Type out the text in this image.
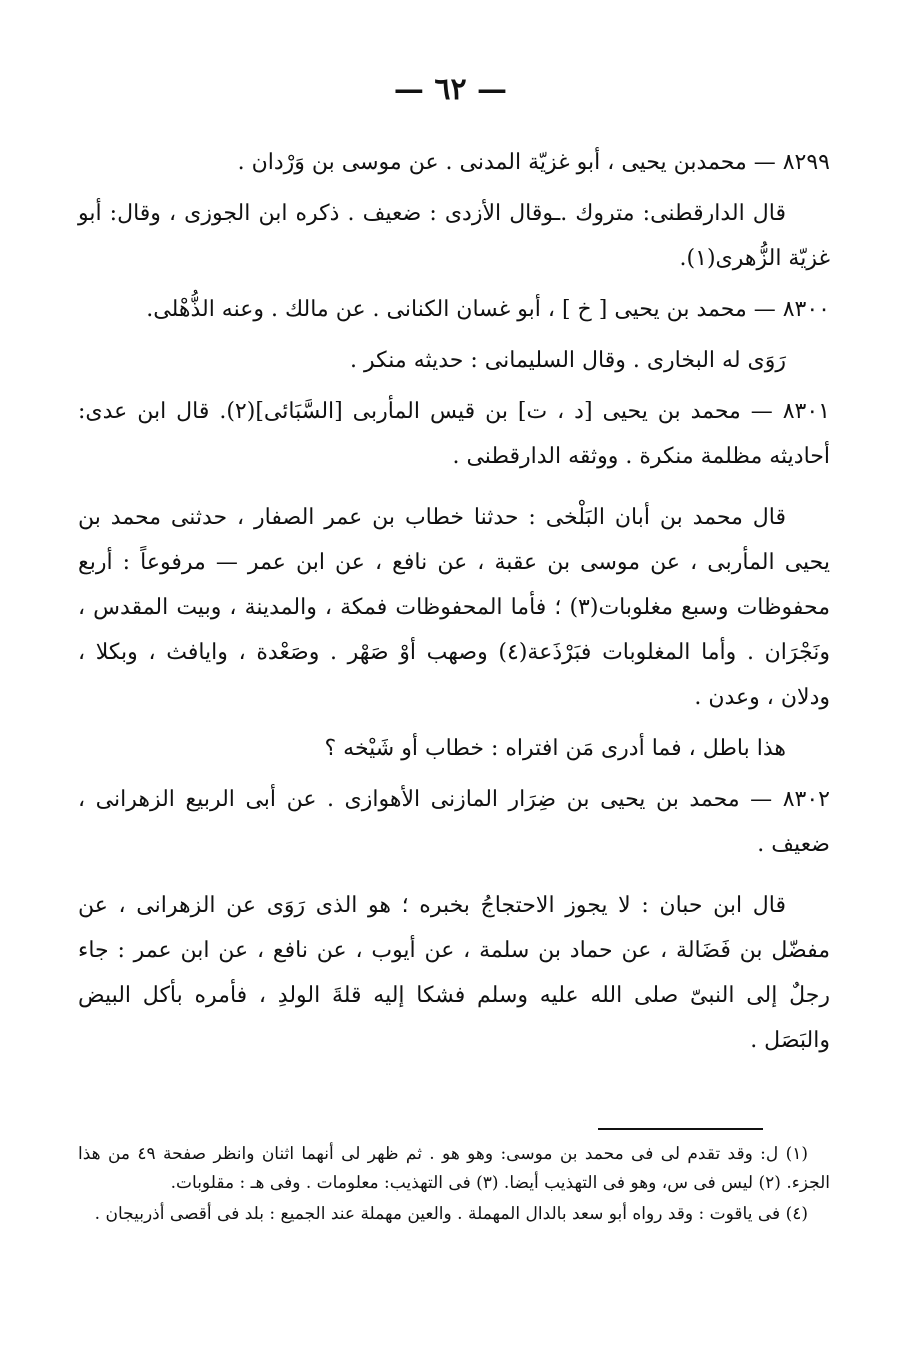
— ٦٢ —

٨٢٩٩ — محمدبن يحيى ، أبو غزيّة المدنى . عن موسى بن وَرْدان .

قال الدارقطنى: متروك .ـوقال الأزدى : ضعيف . ذكره ابن الجوزى ، وقال: أبو غزيّة الزُّهرى(١).

٨٣٠٠ — محمد بن يحيى [ خ ] ، أبو غسان الكنانى . عن مالك . وعنه الذُّهْلى.

رَوَى له البخارى . وقال السليمانى : حديثه منكر .

٨٣٠١ — محمد بن يحيى [د ، ت] بن قيس المأربى [السَّبَائى](٢). قال ابن عدى: أحاديثه مظلمة منكرة . ووثقه الدارقطنى .

قال محمد بن أبان البَلْخى : حدثنا خطاب بن عمر الصفار ، حدثنى محمد بن يحيى المأربى ، عن موسى بن عقبة ، عن نافع ، عن ابن عمر — مرفوعاً : أربع محفوظات وسبع مغلوبات(٣) ؛ فأما المحفوظات فمكة ، والمدينة ، وبيت المقدس ، ونَجْرَان . وأما المغلوبات فبَرْذَعة(٤) وصهب أوْ صَهْر . وصَعْدة ، وايافث ، وبكلا ، ودلان ، وعدن .

هذا باطل ، فما أدرى مَن افتراه : خطاب أو شَيْخه ؟

٨٣٠٢ — محمد بن يحيى بن ضِرَار المازنى الأهوازى . عن أبى الربيع الزهرانى ، ضعيف .

قال ابن حبان : لا يجوز الاحتجاجُ بخبره ؛ هو الذى رَوَى عن الزهرانى ، عن مفضّل بن فَضَالة ، عن حماد بن سلمة ، عن أيوب ، عن نافع ، عن ابن عمر : جاء رجلٌ إلى النبىّ صلى الله عليه وسلم فشكا إليه قلةَ الولدِ ، فأمره بأكل البيض والبَصَل .

(١) ل: وقد تقدم لى فى محمد بن موسى: وهو هو . ثم ظهر لى أنهما اثنان وانظر صفحة ٤٩ من هذا الجزء. (٢) ليس فى س، وهو فى التهذيب أيضا. (٣) فى التهذيب: معلومات . وفى هـ : مقلوبات.

(٤) فى ياقوت : وقد رواه أبو سعد بالدال المهملة . والعين مهملة عند الجميع : بلد فى أقصى أذربيجان .
